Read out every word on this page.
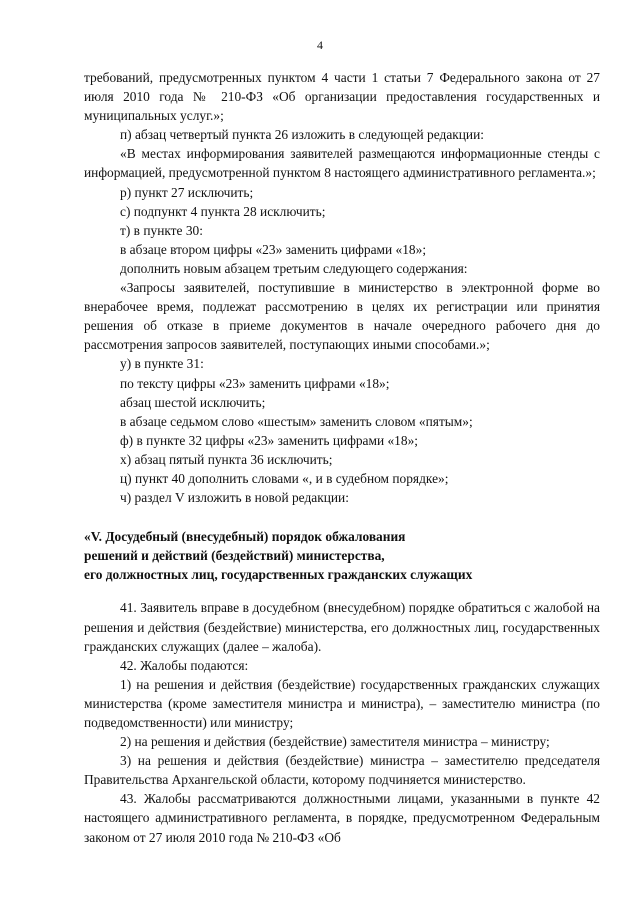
4

требований, предусмотренных пунктом 4 части 1 статьи 7 Федерального закона от 27 июля 2010 года № 210-ФЗ «Об организации предоставления государственных и муниципальных услуг.»;

п) абзац четвертый пункта 26 изложить в следующей редакции:

«В местах информирования заявителей размещаются информационные стенды с информацией, предусмотренной пунктом 8 настоящего административного регламента.»;

р) пункт 27 исключить;

с) подпункт 4 пункта 28 исключить;

т) в пункте 30:

в абзаце втором цифры «23» заменить цифрами «18»;

дополнить новым абзацем третьим следующего содержания:

«Запросы заявителей, поступившие в министерство в электронной форме во внерабочее время, подлежат рассмотрению в целях их регистрации или принятия решения об отказе в приеме документов в начале очередного рабочего дня до рассмотрения запросов заявителей, поступающих иными способами.»;

у) в пункте 31:

по тексту цифры «23» заменить цифрами «18»;

абзац шестой исключить;

в абзаце седьмом слово «шестым» заменить словом «пятым»;

ф) в пункте 32 цифры «23» заменить цифрами «18»;

х) абзац пятый пункта 36 исключить;

ц) пункт 40 дополнить словами «, и в судебном порядке»;

ч) раздел V изложить в новой редакции:

«V. Досудебный (внесудебный) порядок обжалования

решений и действий (бездействий) министерства,

его должностных лиц, государственных гражданских служащих

41. Заявитель вправе в досудебном (внесудебном) порядке обратиться с жалобой на решения и действия (бездействие) министерства, его должностных лиц, государственных гражданских служащих (далее – жалоба).

42. Жалобы подаются:

1) на решения и действия (бездействие) государственных гражданских служащих министерства (кроме заместителя министра и министра), – заместителю министра (по подведомственности) или министру;

2) на решения и действия (бездействие) заместителя министра – министру;

3) на решения и действия (бездействие) министра – заместителю председателя Правительства Архангельской области, которому подчиняется министерство.

43. Жалобы рассматриваются должностными лицами, указанными в пункте 42 настоящего административного регламента, в порядке, предусмотренном Федеральным законом от 27 июля 2010 года № 210-ФЗ «Об
